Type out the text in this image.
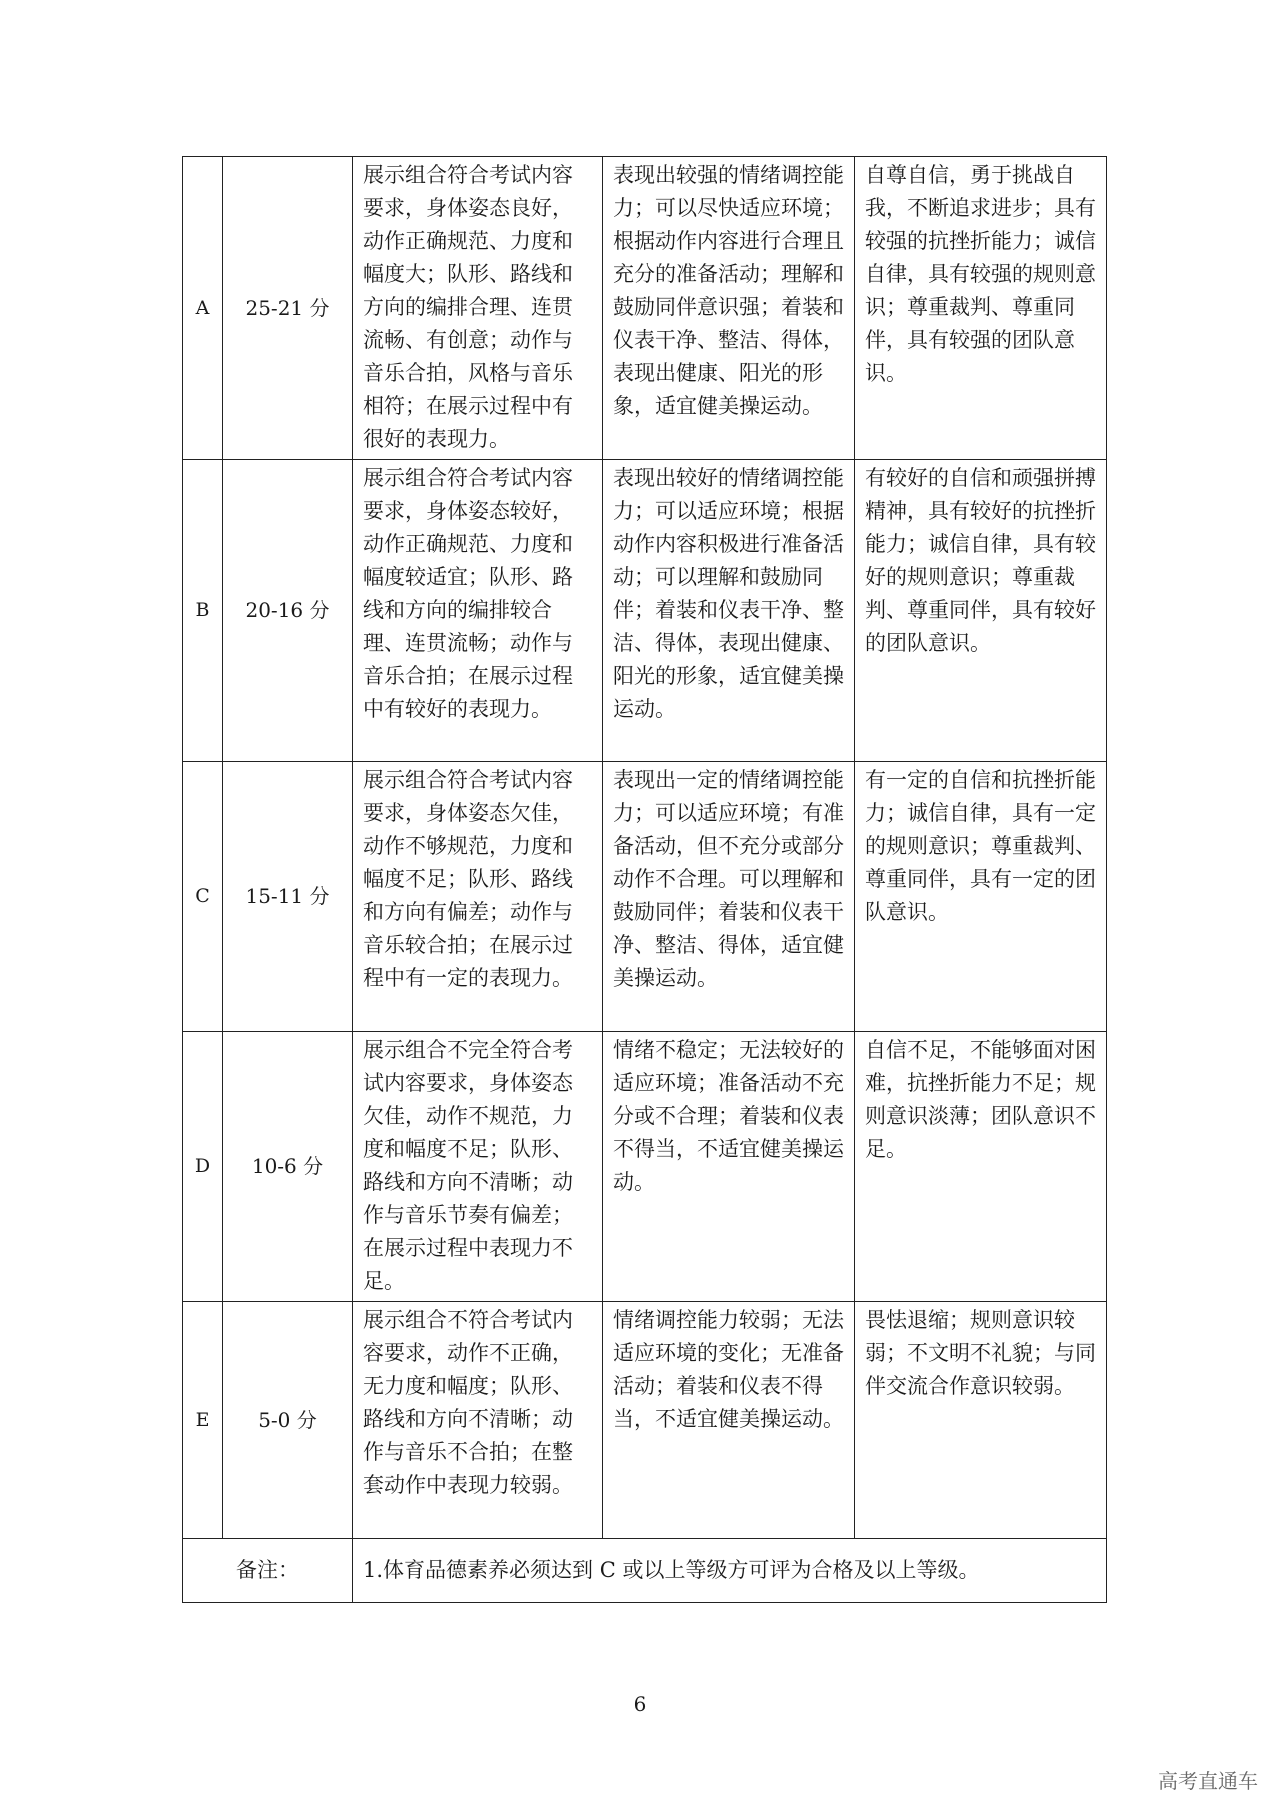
A	25-21 分	展示组合符合考试内容要求，身体姿态良好，动作正确规范、力度和幅度大；队形、路线和方向的编排合理、连贯流畅、有创意；动作与音乐合拍，风格与音乐相符；在展示过程中有很好的表现力。	表现出较强的情绪调控能力；可以尽快适应环境；根据动作内容进行合理且充分的准备活动；理解和鼓励同伴意识强；着装和仪表干净、整洁、得体，表现出健康、阳光的形象，适宜健美操运动。	自尊自信，勇于挑战自我，不断追求进步；具有较强的抗挫折能力；诚信自律，具有较强的规则意识；尊重裁判、尊重同伴，具有较强的团队意识。
B	20-16 分	展示组合符合考试内容要求，身体姿态较好，动作正确规范、力度和幅度较适宜；队形、路线和方向的编排较合理、连贯流畅；动作与音乐合拍；在展示过程中有较好的表现力。	表现出较好的情绪调控能力；可以适应环境；根据动作内容积极进行准备活动；可以理解和鼓励同伴；着装和仪表干净、整洁、得体，表现出健康、阳光的形象，适宜健美操运动。	有较好的自信和顽强拼搏精神，具有较好的抗挫折能力；诚信自律，具有较好的规则意识；尊重裁判、尊重同伴，具有较好的团队意识。
C	15-11 分	展示组合符合考试内容要求，身体姿态欠佳，动作不够规范，力度和幅度不足；队形、路线和方向有偏差；动作与音乐较合拍；在展示过程中有一定的表现力。	表现出一定的情绪调控能力；可以适应环境；有准备活动，但不充分或部分动作不合理。可以理解和鼓励同伴；着装和仪表干净、整洁、得体，适宜健美操运动。	有一定的自信和抗挫折能力；诚信自律，具有一定的规则意识；尊重裁判、尊重同伴，具有一定的团队意识。
D	10-6 分	展示组合不完全符合考试内容要求，身体姿态欠佳，动作不规范，力度和幅度不足；队形、路线和方向不清晰；动作与音乐节奏有偏差；在展示过程中表现力不足。	情绪不稳定；无法较好的适应环境；准备活动不充分或不合理；着装和仪表不得当，不适宜健美操运动。	自信不足，不能够面对困难，抗挫折能力不足；规则意识淡薄；团队意识不足。
E	5-0 分	展示组合不符合考试内容要求，动作不正确，无力度和幅度；队形、路线和方向不清晰；动作与音乐不合拍；在整套动作中表现力较弱。	情绪调控能力较弱；无法适应环境的变化；无准备活动；着装和仪表不得当，不适宜健美操运动。	畏怯退缩；规则意识较弱；不文明不礼貌；与同伴交流合作意识较弱。
备注：		1.体育品德素养必须达到 C 或以上等级方可评为合格及以上等级。		
6
高考直通车
